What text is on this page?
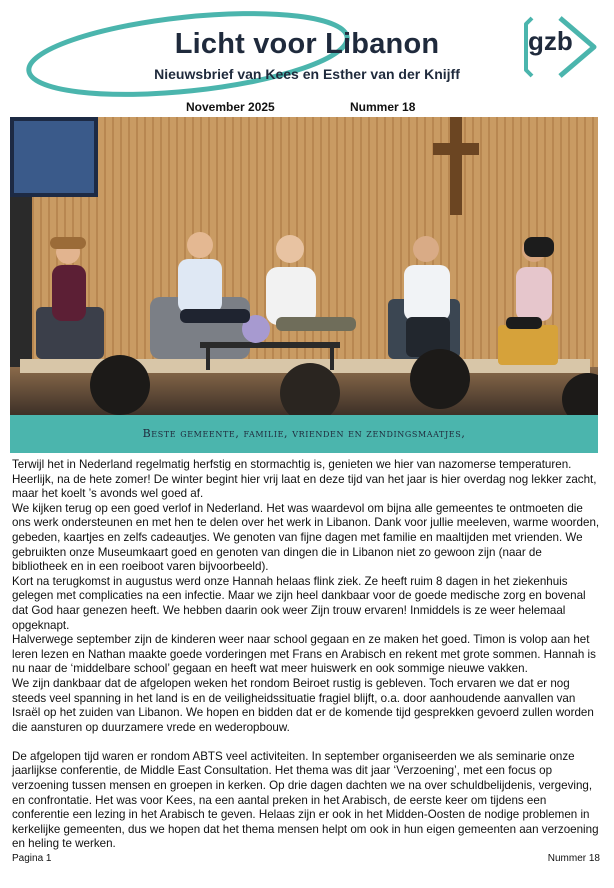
Licht voor Libanon
Nieuwsbrief van Kees en Esther van der Knijff
gzb
November 2025	Nummer 18
Beste gemeente, familie, vrienden en zendingsmaatjes,

Terwijl het in Nederland regelmatig herfstig en stormachtig is, genieten we hier van nazomerse temperaturen. Heerlijk, na de hete zomer! De winter begint hier vrij laat en deze tijd van het jaar is hier overdag nog lekker zacht, maar het koelt ’s avonds wel goed af.

We kijken terug op een goed verlof in Nederland. Het was waardevol om bijna alle gemeentes te ontmoeten die ons werk ondersteunen en met hen te delen over het werk in Libanon. Dank voor jullie meeleven, warme woorden, gebeden, kaartjes en zelfs cadeautjes. We genoten van fijne dagen met familie en maaltijden met vrienden. We gebruikten onze Museumkaart goed en genoten van dingen die in Libanon niet zo gewoon zijn (naar de bibliotheek en in een roeiboot varen bijvoorbeeld).

Kort na terugkomst in augustus werd onze Hannah helaas flink ziek. Ze heeft ruim 8 dagen in het ziekenhuis gelegen met complicaties na een infectie. Maar we zijn heel dankbaar voor de goede medische zorg en bovenal dat God haar genezen heeft. We hebben daarin ook weer Zijn trouw ervaren! Inmiddels is ze weer helemaal opgeknapt.

Halverwege september zijn de kinderen weer naar school gegaan en ze maken het goed. Timon is volop aan het leren lezen en Nathan maakte goede vorderingen met Frans en Arabisch en rekent met grote sommen. Hannah is nu naar de ‘middelbare school’ gegaan en heeft wat meer huiswerk en ook sommige nieuwe vakken.

We zijn dankbaar dat de afgelopen weken het rondom Beiroet rustig is gebleven. Toch ervaren we dat er nog steeds veel spanning in het land is en de veiligheidssituatie fragiel blijft, o.a. door aanhoudende aanvallen van Israël op het zuiden van Libanon. We hopen en bidden dat er de komende tijd gesprekken gevoerd zullen worden die aansturen op duurzamere vrede en wederopbouw.

De afgelopen tijd waren er rondom ABTS veel activiteiten. In september organiseerden we als seminarie onze jaarlijkse conferentie, de Middle East Consultation. Het thema was dit jaar ‘Verzoening’, met een focus op verzoening tussen mensen en groepen in kerken. Op drie dagen dachten we na over schuldbelijdenis, vergeving, en confrontatie. Het was voor Kees, na een aantal preken in het Arabisch, de eerste keer om tijdens een conferentie een lezing in het Arabisch te geven. Helaas zijn er ook in het Midden-Oosten de nodige problemen in kerkelijke gemeenten, dus we hopen dat het thema mensen helpt om ook in hun eigen gemeenten aan verzoening en heling te werken.

Pagina 1	Nummer 18
